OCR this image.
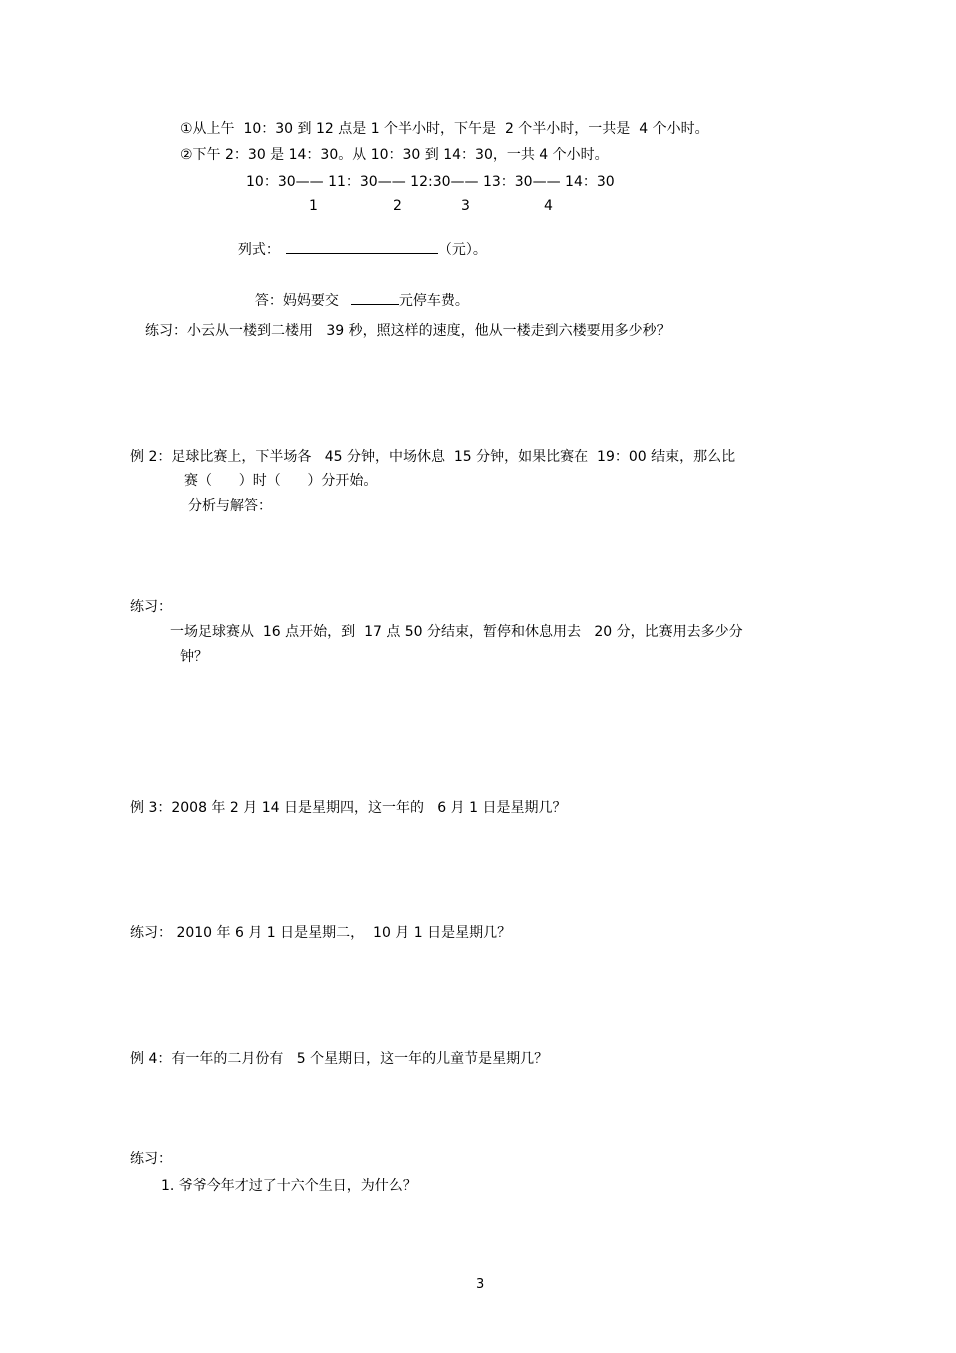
①从上午  10：30 到 12 点是 1 个半小时，下午是  2 个半小时，一共是  4 个小时。
②下午 2：30 是 14：30。从 10：30 到 14：30，一共 4 个小时。
10：30—— 11：30—— 12:30—— 13：30—— 14：30
1	2	3	4

列式：	（元）。

答：妈妈要交	元停车费。

练习：小云从一楼到二楼用   39 秒，照这样的速度，他从一楼走到六楼要用多少秒？
例 2：足球比赛上，下半场各   45 分钟，中场休息  15 分钟，如果比赛在  19：00 结束，那么比
赛（      ）时（      ）分开始。
分析与解答：
练习：
一场足球赛从  16 点开始，到  17 点 50 分结束，暂停和休息用去   20 分，比赛用去多少分
钟？
例 3：2008 年 2 月 14 日是星期四，这一年的   6 月 1 日是星期几？
练习： 2010 年 6 月 1 日是星期二，  10 月 1 日是星期几？
例 4：有一年的二月份有   5 个星期日，这一年的儿童节是星期几？
练习：
1. 爷爷今年才过了十六个生日，为什么？
3
